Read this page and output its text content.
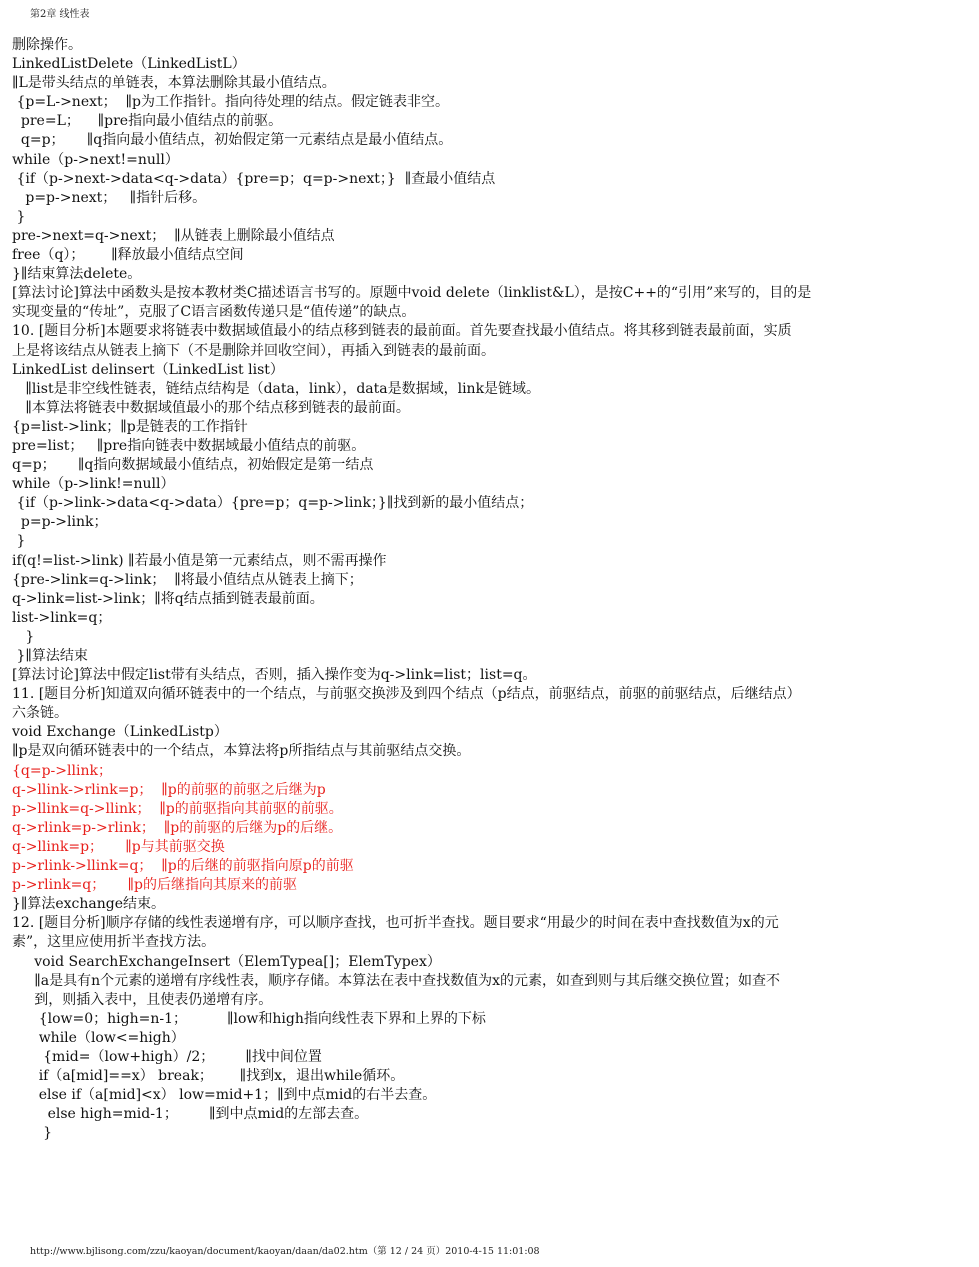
第2章 线性表
删除操作。
LinkedListDelete（LinkedListL）
∥L是带头结点的单链表，本算法删除其最小值结点。
{p=L->next；  ∥p为工作指针。指向待处理的结点。假定链表非空。
pre=L；    ∥pre指向最小值结点的前驱。
q=p；     ∥q指向最小值结点，初始假定第一元素结点是最小值结点。
while（p->next!=null）
{if（p->next->data<q->data）{pre=p；q=p->next；}  ∥查最小值结点
p=p->next；   ∥指针后移。
}
pre->next=q->next；  ∥从链表上删除最小值结点
free（q）；      ∥释放最小值结点空间
}∥结束算法delete。
[算法讨论]算法中函数头是按本教材类C描述语言书写的。原题中void delete（linklist&L），是按C++的“引用”来写的，目的是
实现变量的“传址”，克服了C语言函数传递只是“值传递”的缺点。
10. [题目分析]本题要求将链表中数据域值最小的结点移到链表的最前面。首先要查找最小值结点。将其移到链表最前面，实质
上是将该结点从链表上摘下（不是删除并回收空间），再插入到链表的最前面。
LinkedList delinsert（LinkedList list）
∥list是非空线性链表，链结点结构是（data，link），data是数据域，link是链域。
∥本算法将链表中数据域值最小的那个结点移到链表的最前面。
{p=list->link；∥p是链表的工作指针
pre=list；   ∥pre指向链表中数据域最小值结点的前驱。
q=p；     ∥q指向数据域最小值结点，初始假定是第一结点
while（p->link!=null）
{if（p->link->data<q->data）{pre=p；q=p->link；}∥找到新的最小值结点；
p=p->link；
}
if(q!=list->link) ∥若最小值是第一元素结点，则不需再操作
{pre->link=q->link；  ∥将最小值结点从链表上摘下；
q->link=list->link；∥将q结点插到链表最前面。
list->link=q；
}
}∥算法结束
[算法讨论]算法中假定list带有头结点，否则，插入操作变为q->link=list；list=q。
11. [题目分析]知道双向循环链表中的一个结点，与前驱交换涉及到四个结点（p结点，前驱结点，前驱的前驱结点，后继结点）
六条链。
void Exchange（LinkedListp）
∥p是双向循环链表中的一个结点，本算法将p所指结点与其前驱结点交换。
{q=p->llink；
q->llink->rlink=p；  ∥p的前驱的前驱之后继为p
p->llink=q->llink；  ∥p的前驱指向其前驱的前驱。
q->rlink=p->rlink；  ∥p的前驱的后继为p的后继。
q->llink=p；     ∥p与其前驱交换
p->rlink->llink=q；  ∥p的后继的前驱指向原p的前驱
p->rlink=q；     ∥p的后继指向其原来的前驱
}∥算法exchange结束。
12. [题目分析]顺序存储的线性表递增有序，可以顺序查找，也可折半查找。题目要求“用最少的时间在表中查找数值为x的元
素”，这里应使用折半查找方法。
void SearchExchangeInsert（ElemTypea[]；ElemTypex）
∥a是具有n个元素的递增有序线性表，顺序存储。本算法在表中查找数值为x的元素，如查到则与其后继交换位置；如查不
到，则插入表中，且使表仍递增有序。
{low=0；high=n-1；         ∥low和high指向线性表下界和上界的下标
while（low<=high）
{mid=（low+high）/2；       ∥找中间位置
if（a[mid]==x） break；      ∥找到x，退出while循环。
else if（a[mid]<x） low=mid+1；∥到中点mid的右半去查。
else high=mid-1；       ∥到中点mid的左部去查。
}
http://www.bjlisong.com/zzu/kaoyan/document/kaoyan/daan/da02.htm（第 12 / 24 页）2010-4-15 11:01:08
